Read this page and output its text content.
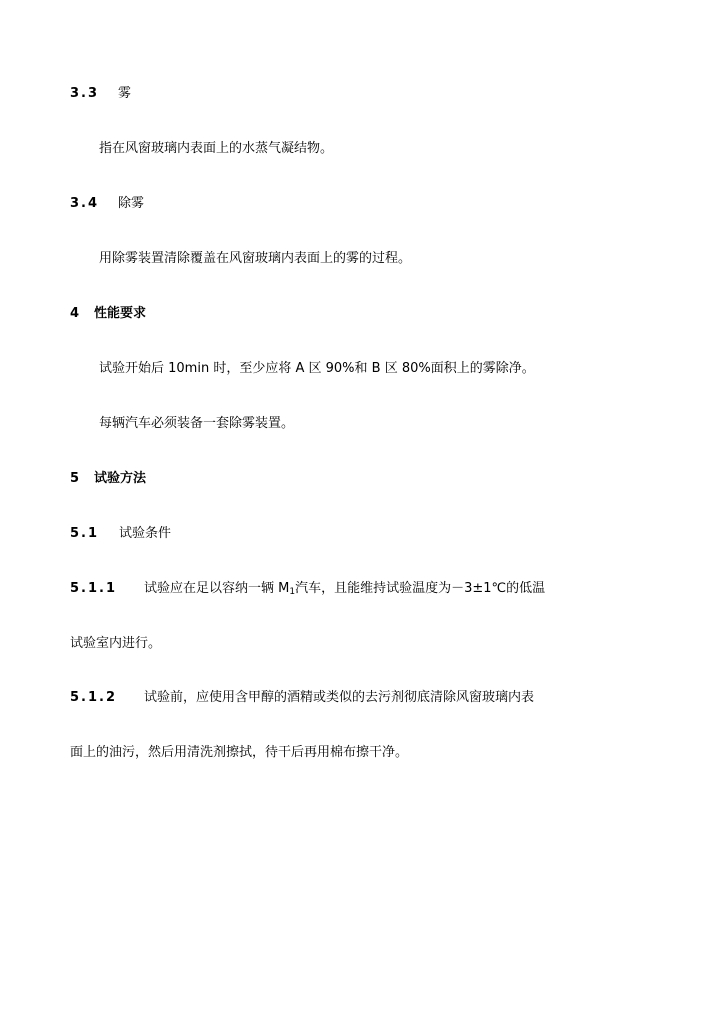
3.3 雾
指在风窗玻璃内表面上的水蒸气凝结物。
3.4 除雾
用除雾装置清除覆盖在风窗玻璃内表面上的雾的过程。
4 性能要求
试验开始后 10min 时，至少应将 A 区 90%和 B 区 80%面积上的雾除净。
每辆汽车必须装备一套除雾装置。
5 试验方法
5.1 试验条件
5.1.1 试验应在足以容纳一辆 $M_1$汽车，且能维持试验温度为－3±1℃的低温
试验室内进行。
5.1.2 试验前，应使用含甲醇的酒精或类似的去污剂彻底清除风窗玻璃内表
面上的油污，然后用清洗剂擦拭，待干后再用棉布擦干净。
